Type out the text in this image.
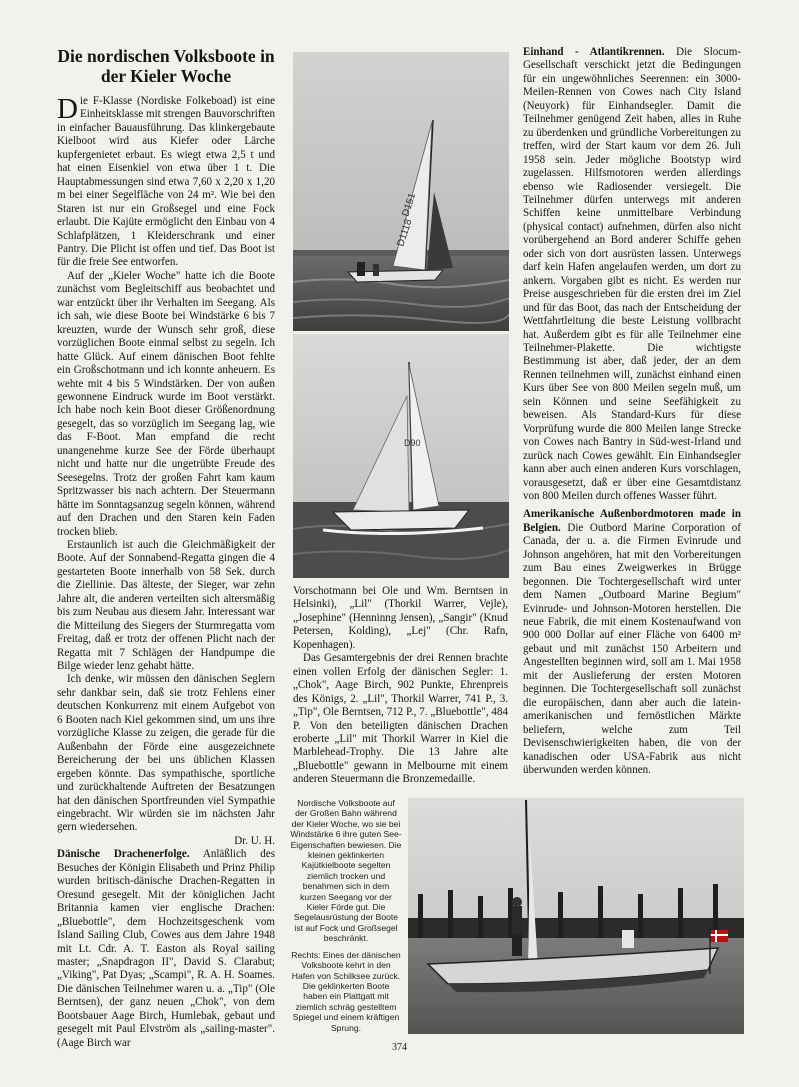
Die nordischen Volksboote in der Kieler Woche

Die F-Klasse (Nordiske Folkeboad) ist eine Einheitsklasse mit strengen Bauvorschriften in einfacher Bauausführung. Das klinkergebaute Kielboot wird aus Kiefer oder Lärche kupfergenietet erbaut. Es wiegt etwa 2,5 t und hat einen Eisenkiel von etwa über 1 t. Die Hauptabmessungen sind etwa 7,60 x 2,20 x 1,20 m bei einer Segelfläche von 24 m². Wie bei den Staren ist nur ein Großsegel und eine Fock erlaubt. Die Kajüte ermöglicht den Einbau von 4 Schlafplätzen, 1 Kleiderschrank und einer Pantry. Die Plicht ist offen und tief. Das Boot ist für die freie See entworfen.

Auf der „Kieler Woche" hatte ich die Boote zunächst vom Begleitschiff aus beobachtet und war entzückt über ihr Verhalten im Seegang. Als ich sah, wie diese Boote bei Windstärke 6 bis 7 kreuzten, wurde der Wunsch sehr groß, diese vorzüglichen Boote einmal selbst zu segeln. Ich hatte Glück. Auf einem dänischen Boot fehlte ein Großschotmann und ich konnte anheuern. Es wehte mit 4 bis 5 Windstärken. Der von außen gewonnene Eindruck wurde im Boot verstärkt. Ich habe noch kein Boot dieser Größenordnung gesegelt, das so vorzüglich im Seegang lag, wie das F-Boot. Man empfand die recht unangenehme kurze See der Förde überhaupt nicht und hatte nur die ungetrübte Freude des Seesegelns. Trotz der großen Fahrt kam kaum Spritzwasser bis nach achtern. Der Steuermann hätte im Sonntagsanzug segeln können, während auf den Drachen und den Staren kein Faden trocken blieb.

Erstaunlich ist auch die Gleichmäßigkeit der Boote. Auf der Sonnabend-Regatta gingen die 4 gestarteten Boote innerhalb von 58 Sek. durch die Ziellinie. Das älteste, der Sieger, war zehn Jahre alt, die anderen verteilten sich altersmäßig bis zum Neubau aus diesem Jahr. Interessant war die Mitteilung des Siegers der Sturmregatta vom Freitag, daß er trotz der offenen Plicht nach der Regatta mit 7 Schlägen der Handpumpe die Bilge wieder lenz gehabt hätte.

Ich denke, wir müssen den dänischen Seglern sehr dankbar sein, daß sie trotz Fehlens einer deutschen Konkurrenz mit einem Aufgebot von 6 Booten nach Kiel gekommen sind, um uns ihre vorzügliche Klasse zu zeigen, die gerade für die Außenbahn der Förde eine ausgezeichnete Bereicherung der bei uns üblichen Klassen ergeben könnte. Das sympathische, sportliche und zurückhaltende Auftreten der Besatzungen hat den dänischen Sportfreunden viel Sympathie eingebracht. Wir würden sie im nächsten Jahr gern wiedersehen.

Dr. U. H.

Dänische Drachenerfolge. Anläßlich des Besuches der Königin Elisabeth und Prinz Philip wurden britisch-dänische Drachen-Regatten in Oresund gesegelt. Mit der königlichen Jacht Britannia kamen vier englische Drachen: „Bluebottle", dem Hochzeitsgeschenk vom Island Sailing Club, Cowes aus dem Jahre 1948 mit Lt. Cdr. A. T. Easton als Royal sailing master; „Snapdragon II", David S. Clarabut; „Viking", Pat Dyas; „Scampi", R. A. H. Soames. Die dänischen Teilnehmer waren u. a. „Tip" (Ole Berntsen), der ganz neuen „Chok", von dem Bootsbauer Aage Birch, Humlebak, gebaut und gesegelt mit Paul Elvström als „sailing-master". (Aage Birch war

D151
D1118
D90

Vorschotmann bei Ole und Wm. Berntsen in Helsinki), „Lil" (Thorkil Warrer, Vejle), „Josephine" (Henninng Jensen), „Sangir" (Knud Petersen, Kolding), „Lej" (Chr. Rafn, Kopenhagen).

Das Gesamtergebnis der drei Rennen brachte einen vollen Erfolg der dänischen Segler: 1. „Chok", Aage Birch, 902 Punkte, Ehrenpreis des Königs, 2. „Lil", Thorkil Warrer, 741 P., 3. „Tip", Ole Berntsen, 712 P., 7. „Bluebottle", 484 P. Von den beteiligten dänischen Drachen eroberte „Lil" mit Thorkil Warrer in Kiel die Marblehead-Trophy. Die 13 Jahre alte „Bluebottle" gewann in Melbourne mit einem anderen Steuermann die Bronzemedaille.

Einhand - Atlantikrennen. Die Slocum-Gesellschaft verschickt jetzt die Bedingungen für ein ungewöhnliches Seerennen: ein 3000-Meilen-Rennen von Cowes nach City Island (Neuyork) für Einhandsegler. Damit die Teilnehmer genügend Zeit haben, alles in Ruhe zu überdenken und gründliche Vorbereitungen zu treffen, wird der Start kaum vor dem 26. Juli 1958 sein. Jeder mögliche Bootstyp wird zugelassen. Hilfsmotoren werden allerdings ebenso wie Radiosender versiegelt. Die Teilnehmer dürfen unterwegs mit anderen Schiffen keine unmittelbare Verbindung (physical contact) aufnehmen, dürfen also nicht vorübergehend an Bord anderer Schiffe gehen oder sich von dort ausrüsten lassen. Unterwegs darf kein Hafen angelaufen werden, um dort zu ankern. Vorgaben gibt es nicht. Es werden nur Preise ausgeschrieben für die ersten drei im Ziel und für das Boot, das nach der Entscheidung der Wettfahrtleitung die beste Leistung vollbracht hat. Außerdem gibt es für alle Teilnehmer eine Teilnehmer-Plakette. Die wichtigste Bestimmung ist aber, daß jeder, der an dem Rennen teilnehmen will, zunächst einhand einen Kurs über See von 800 Meilen segeln muß, um sein Können und seine Seefähigkeit zu beweisen. Als Standard-Kurs für diese Vorprüfung wurde die 800 Meilen lange Strecke von Cowes nach Bantry in Süd-west-Irland und zurück nach Cowes gewählt. Ein Einhandsegler kann aber auch einen anderen Kurs vorschlagen, vorausgesetzt, daß er über eine Gesamtdistanz von 800 Meilen durch offenes Wasser führt.

Amerikanische Außenbordmotoren made in Belgien. Die Outbord Marine Corporation of Canada, der u. a. die Firmen Evinrude und Johnson angehören, hat mit den Vorbereitungen zum Bau eines Zweigwerkes in Brügge begonnen. Die Tochtergesellschaft wird unter dem Namen „Outboard Marine Begium" Evinrude- und Johnson-Motoren herstellen. Die neue Fabrik, die mit einem Kostenaufwand von 900 000 Dollar auf einer Fläche von 6400 m² gebaut und mit zunächst 150 Arbeitern und Angestellten beginnen wird, soll am 1. Mai 1958 mit der Auslieferung der ersten Motoren beginnen. Die Tochtergesellschaft soll zunächst die europäischen, dann aber auch die latein-amerikanischen und fernöstlichen Märkte beliefern, welche zum Teil Devisenschwierigkeiten haben, die von der kanadischen oder USA-Fabrik aus nicht überwunden werden können.

Nordische Volksboote auf der Großen Bahn während der Kieler Woche, wo sie bei Windstärke 6 ihre guten See-Eigenschaften bewiesen. Die kleinen geklinkerten Kajütkielboote segelten ziemlich trocken und benahmen sich in dem kurzen Seegang vor der Kieler Förde gut. Die Segelausrüstung der Boote ist auf Fock und Großsegel beschränkt.

Rechts: Eines der dänischen Volksboote kehrt in den Hafen von Schilksee zurück. Die geklinkerten Boote haben ein Plattgatt mit ziemlich schräg gestelltem Spiegel und einem kräftigen Sprung.

374
